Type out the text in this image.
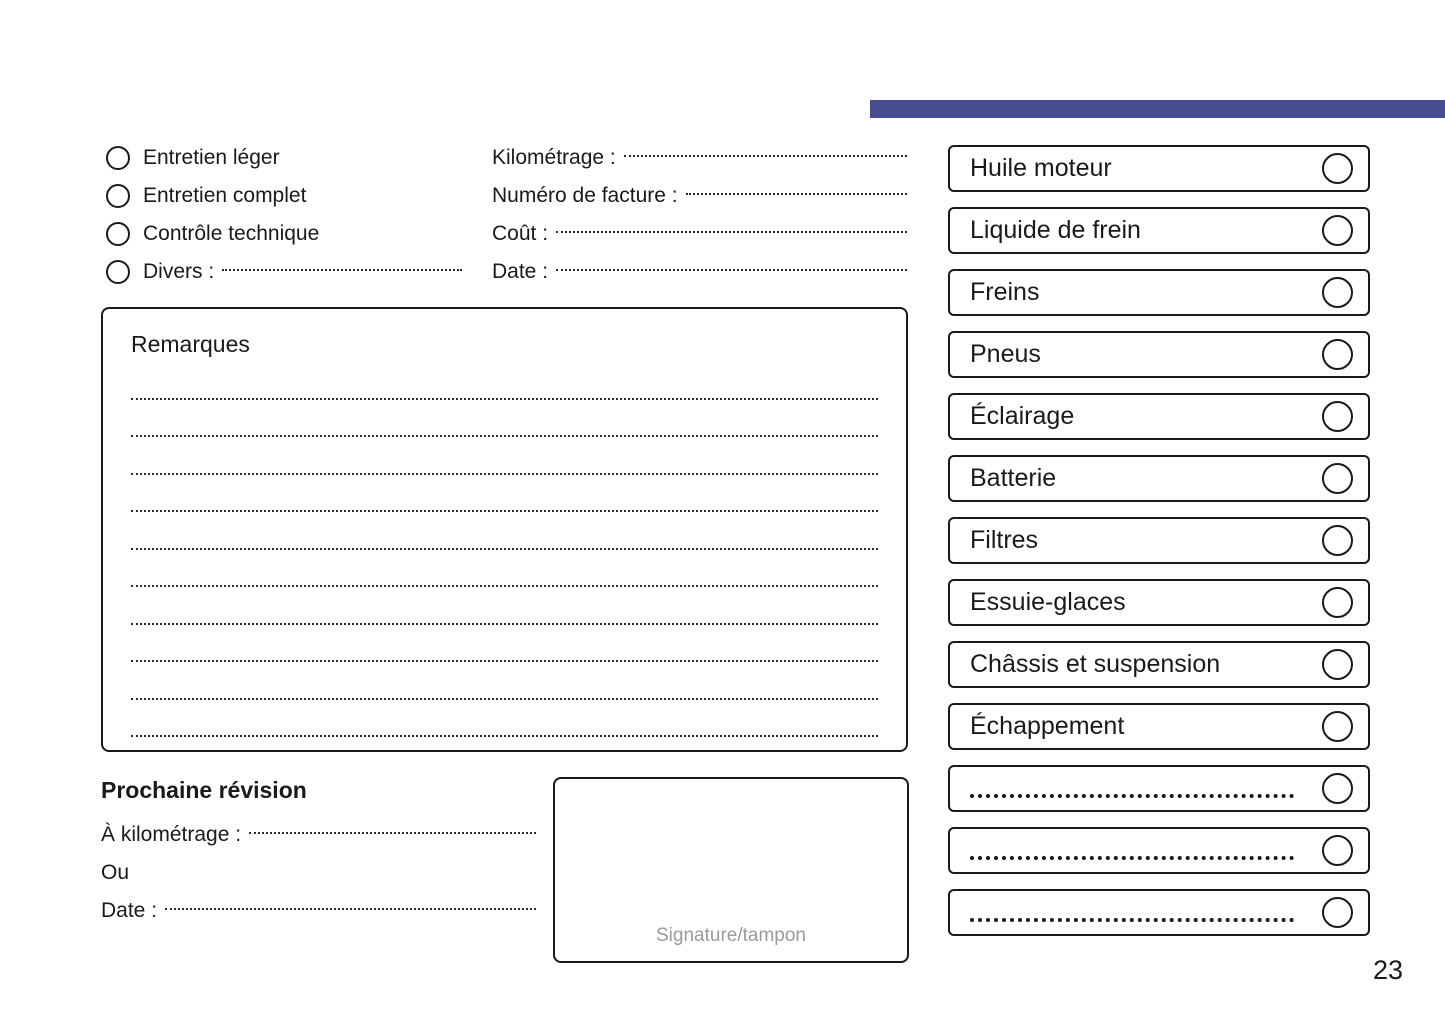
Entretien léger
Entretien complet
Contrôle technique
Divers :
Kilométrage :
Numéro de facture :
Coût :
Date :
Remarques
Prochaine révision
À kilométrage :
Ou
Date :
Signature/tampon
Huile moteur
Liquide de frein
Freins
Pneus
Éclairage
Batterie
Filtres
Essuie-glaces
Châssis et suspension
Échappement
23
